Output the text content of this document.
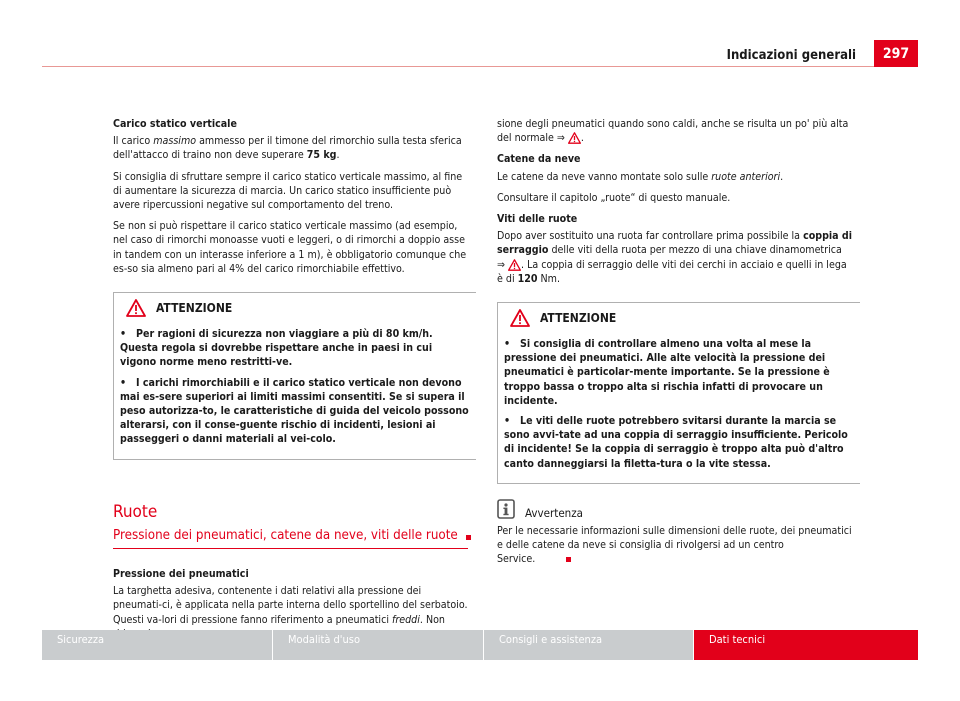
Indicazioni generali	297

Carico statico verticale

Il carico massimo ammesso per il timone del rimorchio sulla testa sferica dell'attacco di traino non deve superare 75 kg.

Si consiglia di sfruttare sempre il carico statico verticale massimo, al fine di aumentare la sicurezza di marcia. Un carico statico insufficiente può avere ripercussioni negative sul comportamento del treno.

Se non si può rispettare il carico statico verticale massimo (ad esempio, nel caso di rimorchi monoasse vuoti e leggeri, o di rimorchi a doppio asse in tandem con un interasse inferiore a 1 m), è obbligatorio comunque che es-so sia almeno pari al 4% del carico rimorchiabile effettivo.

ATTENZIONE

•   Per ragioni di sicurezza non viaggiare a più di 80 km/h. Questa regola si dovrebbe rispettare anche in paesi in cui vigono norme meno restritti-ve.

•   I carichi rimorchiabili e il carico statico verticale non devono mai es-sere superiori ai limiti massimi consentiti. Se si supera il peso autorizza-to, le caratteristiche di guida del veicolo possono alterarsi, con il conse-guente rischio di incidenti, lesioni ai passeggeri o danni materiali al vei-colo.

Ruote
Pressione dei pneumatici, catene da neve, viti delle ruote

Pressione dei pneumatici

La targhetta adesiva, contenente i dati relativi alla pressione dei pneumati-ci, è applicata nella parte interna dello sportellino del serbatoio. Questi va-lori di pressione fanno riferimento a pneumatici freddi. Non

sione degli pneumatici quando sono caldi, anche se risulta un po' più alta del normale ⇒ .

Catene da neve

Le catene da neve vanno montate solo sulle ruote anteriori.

Consultare il capitolo „ruote“ di questo manuale.

Viti delle ruote

Dopo aver sostituito una ruota far controllare prima possibile la coppia di serraggio delle viti della ruota per mezzo di una chiave dinamometrica
⇒ . La coppia di serraggio delle viti dei cerchi in acciaio e quelli in lega è di 120 Nm.

ATTENZIONE

•   Si consiglia di controllare almeno una volta al mese la pressione dei pneumatici. Alle alte velocità la pressione dei pneumatici è particolar-mente importante. Se la pressione è troppo bassa o troppo alta si rischia infatti di provocare un incidente.

•   Le viti delle ruote potrebbero svitarsi durante la marcia se sono avvi-tate ad una coppia di serraggio insufficiente. Pericolo di incidente! Se la coppia di serraggio è troppo alta può d'altro canto danneggiarsi la filetta-tura o la vite stessa.

Avvertenza

Per le necessarie informazioni sulle dimensioni delle ruote, dei pneumatici e delle catene da neve si consiglia di rivolgersi ad un centro Service.

Sicurezza	Modalità d'uso	Consigli e assistenza	Dati tecnici
